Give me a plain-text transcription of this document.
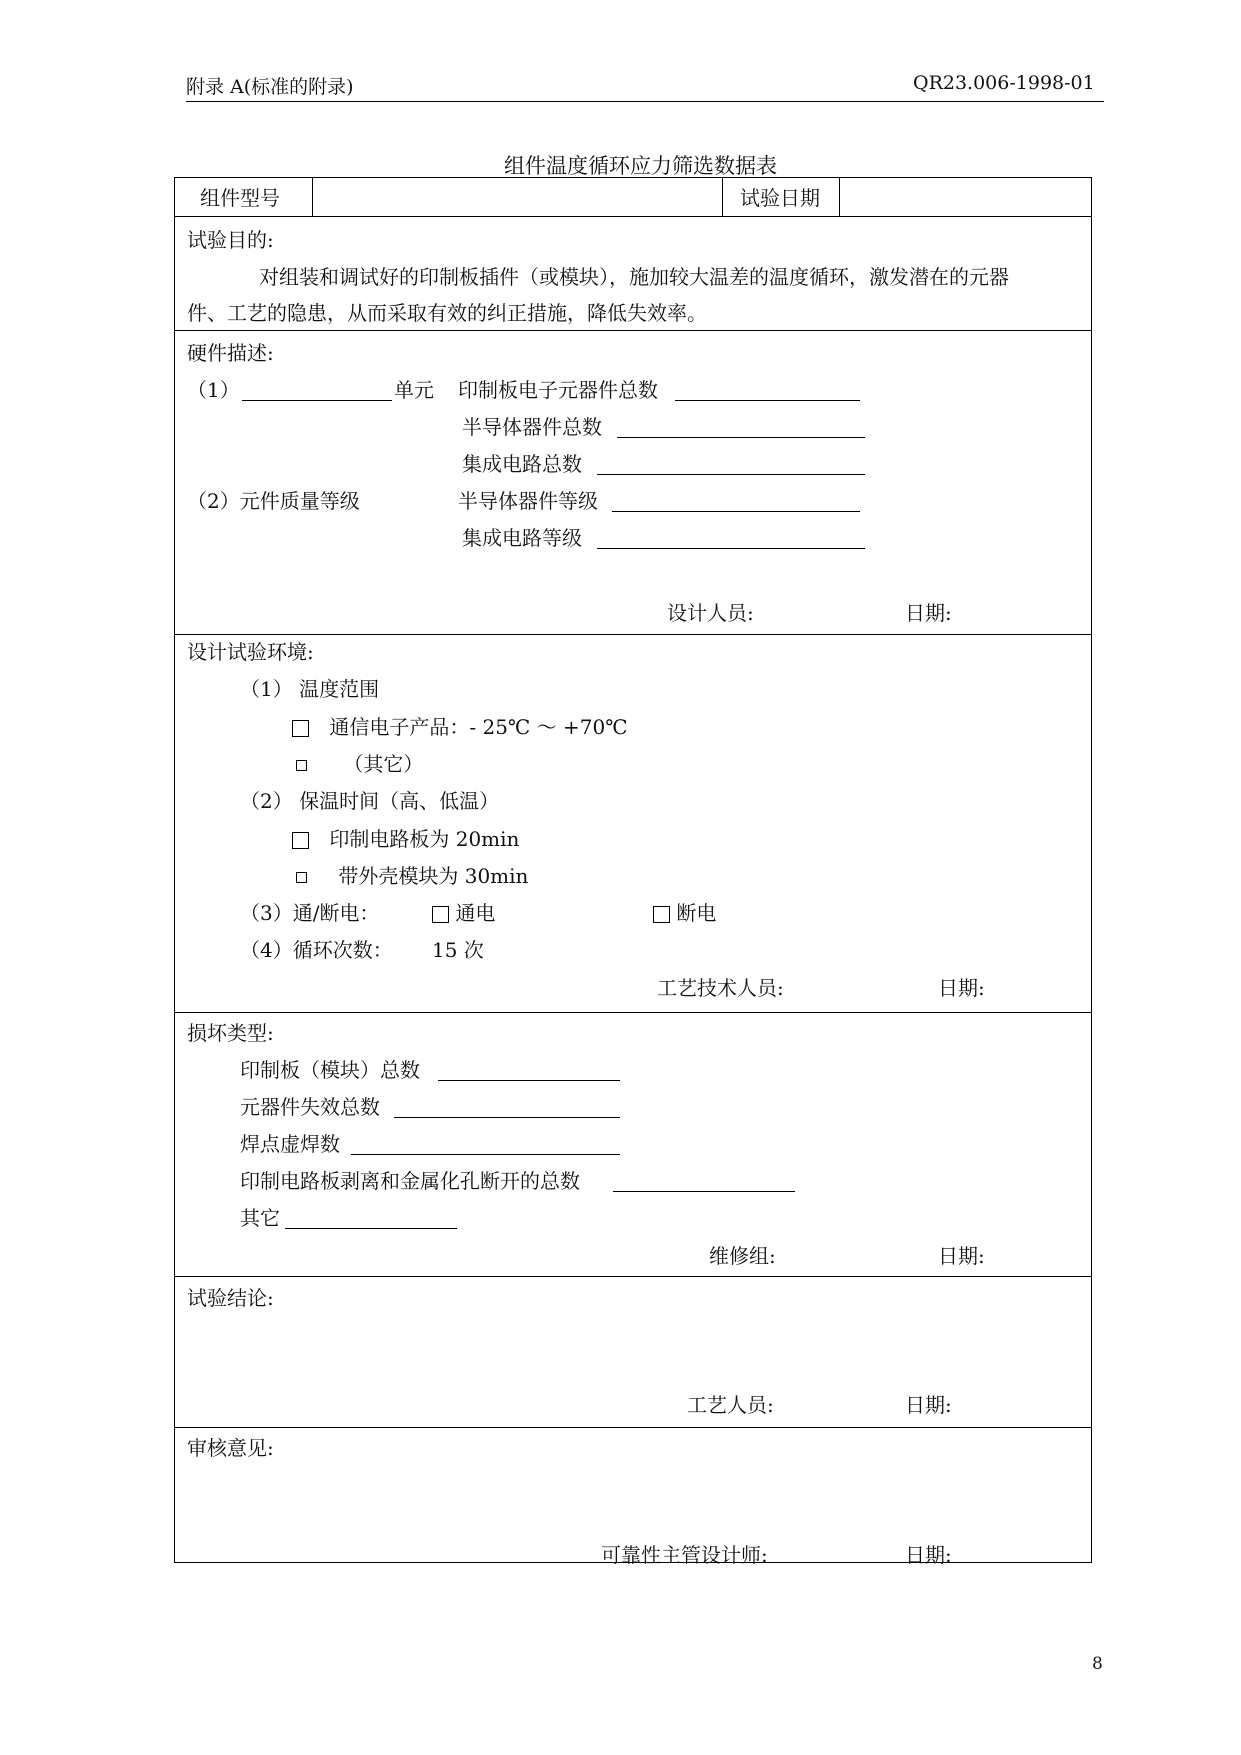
附录 A(标准的附录)	QR23.006-1998-01
组件温度循环应力筛选数据表
组件型号	试验日期
试验目的:
对组装和调试好的印制板插件（或模块），施加较大温差的温度循环，激发潜在的元器
件、工艺的隐患，从而采取有效的纠正措施，降低失效率。
硬件描述:
（1）	单元 印制板电子元器件总数
半导体器件总数
集成电路总数
（2）元件质量等级	半导体器件等级
集成电路等级
设计人员:	日期:
设计试验环境:
（1） 温度范围
通信电子产品：- 25℃ ～ +70℃
（其它）
（2） 保温时间（高、低温）
印制电路板为 20min
带外壳模块为 30min
（3）通/断电：	通电	断电
（4）循环次数： 15 次
工艺技术人员:	日期:
损坏类型:
印制板（模块）总数
元器件失效总数
焊点虚焊数
印制电路板剥离和金属化孔断开的总数
其它
维修组:	日期:
试验结论:
工艺人员:	日期:
审核意见:
可靠性主管设计师:	日期:
8
